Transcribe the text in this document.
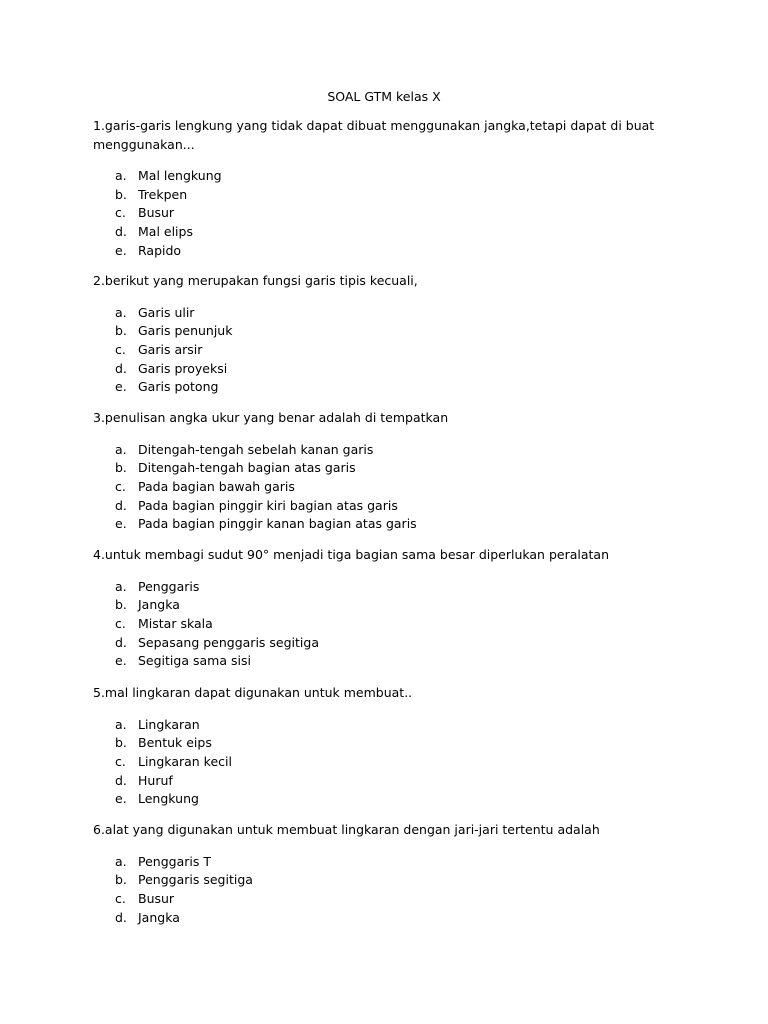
SOAL GTM kelas X

1.garis-garis lengkung yang tidak dapat dibuat menggunakan jangka,tetapi dapat di buat menggunakan...

a. Mal lengkung
b. Trekpen
c. Busur
d. Mal elips
e. Rapido

2.berikut yang merupakan fungsi garis tipis kecuali,

a. Garis ulir
b. Garis penunjuk
c. Garis arsir
d. Garis proyeksi
e. Garis potong

3.penulisan angka ukur yang benar adalah di tempatkan

a. Ditengah-tengah sebelah kanan garis
b. Ditengah-tengah bagian atas garis
c. Pada bagian bawah garis
d. Pada bagian pinggir kiri bagian atas garis
e. Pada bagian pinggir kanan bagian atas garis

4.untuk membagi sudut 90° menjadi tiga bagian sama besar diperlukan peralatan

a. Penggaris
b. Jangka
c. Mistar skala
d. Sepasang penggaris segitiga
e. Segitiga sama sisi

5.mal lingkaran dapat digunakan untuk membuat..

a. Lingkaran
b. Bentuk eips
c. Lingkaran kecil
d. Huruf
e. Lengkung

6.alat yang digunakan untuk membuat lingkaran dengan jari-jari tertentu adalah

a. Penggaris T
b. Penggaris segitiga
c. Busur
d. Jangka
